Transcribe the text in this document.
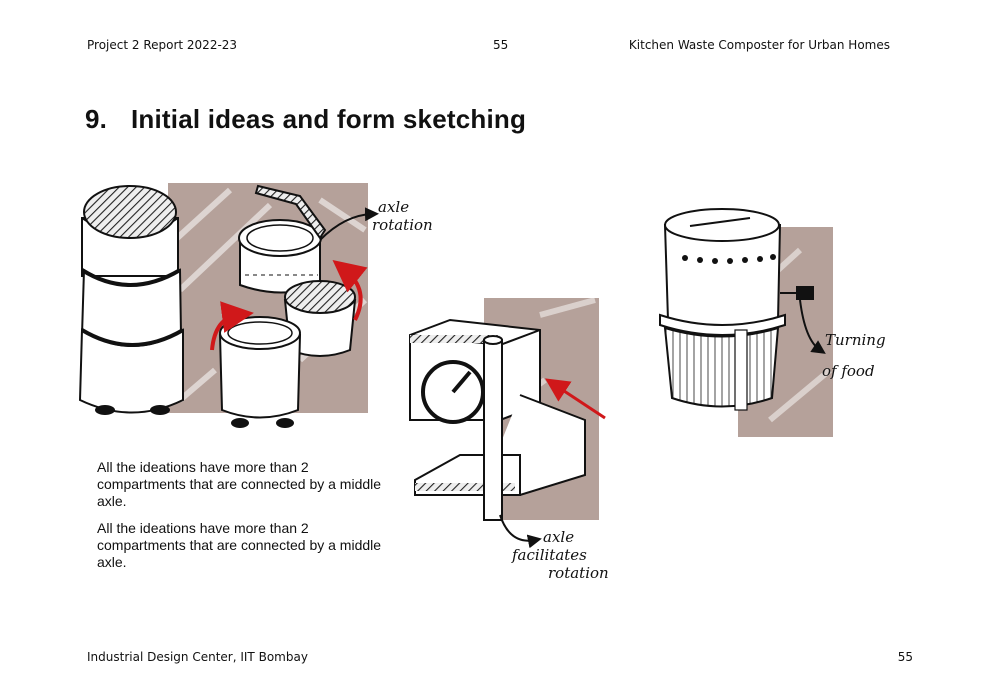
Project 2 Report 2022-23	55	Kitchen Waste Composter for Urban Homes
9. Initial ideas and form sketching
axle
rotation
axle
facilitates
rotation
Turning
of food
All the ideations have more than 2 compartments that are connected by a middle axle.
All the ideations have more than 2 compartments that are connected by a middle axle.
Industrial Design Center, IIT Bombay	55
